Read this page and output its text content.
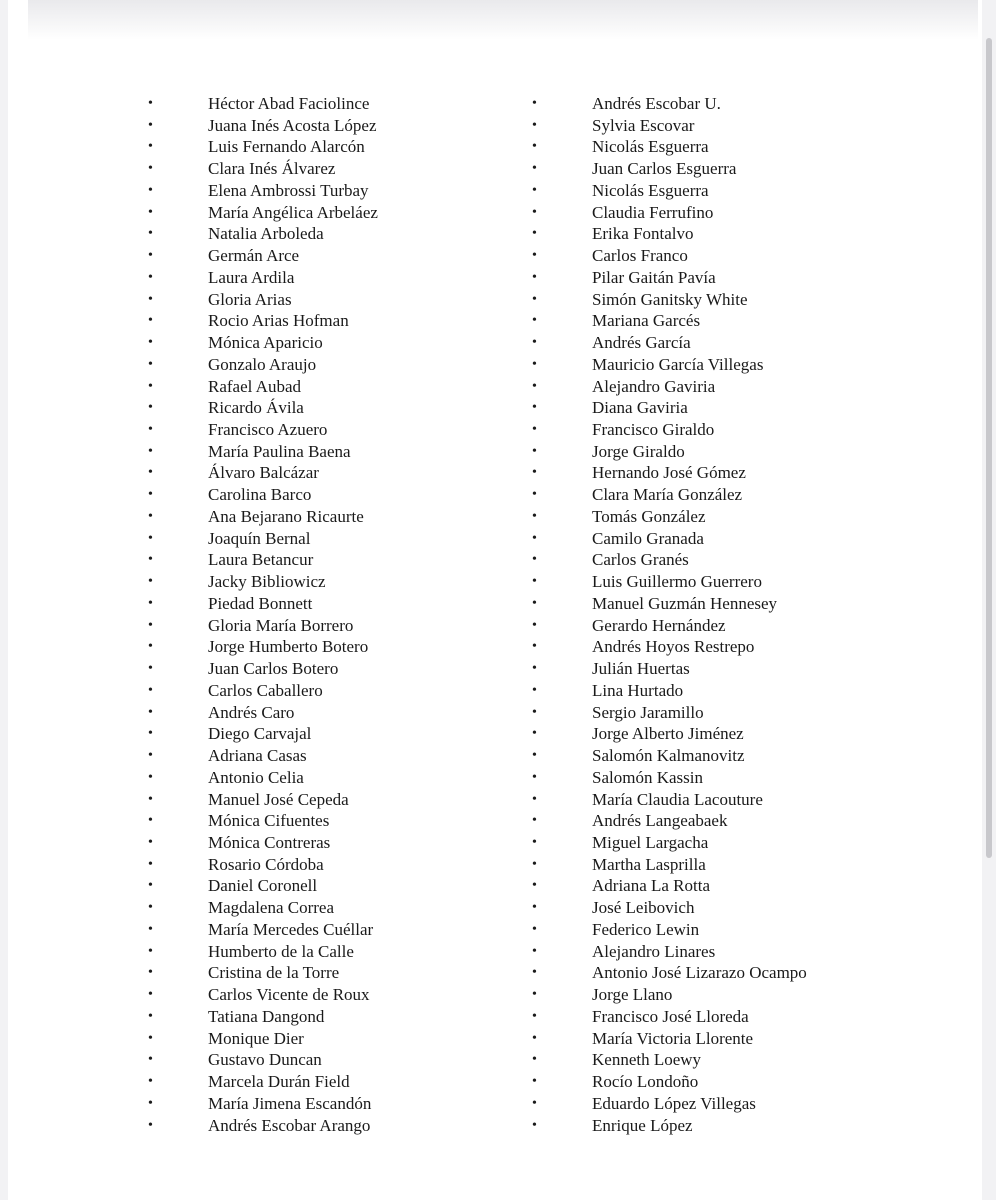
•	Héctor Abad Faciolince
•	Juana Inés Acosta López
•	Luis Fernando Alarcón
•	Clara Inés Álvarez
•	Elena Ambrossi Turbay
•	María Angélica Arbeláez
•	Natalia Arboleda
•	Germán Arce
•	Laura Ardila
•	Gloria Arias
•	Rocio Arias Hofman
•	Mónica Aparicio
•	Gonzalo Araujo
•	Rafael Aubad
•	Ricardo Ávila
•	Francisco Azuero
•	María Paulina Baena
•	Álvaro Balcázar
•	Carolina Barco
•	Ana Bejarano Ricaurte
•	Joaquín Bernal
•	Laura Betancur
•	Jacky Bibliowicz
•	Piedad Bonnett
•	Gloria María Borrero
•	Jorge Humberto Botero
•	Juan Carlos Botero
•	Carlos Caballero
•	Andrés Caro
•	Diego Carvajal
•	Adriana Casas
•	Antonio Celia
•	Manuel José Cepeda
•	Mónica Cifuentes
•	Mónica Contreras
•	Rosario Córdoba
•	Daniel Coronell
•	Magdalena Correa
•	María Mercedes Cuéllar
•	Humberto de la Calle
•	Cristina de la Torre
•	Carlos Vicente de Roux
•	Tatiana Dangond
•	Monique Dier
•	Gustavo Duncan
•	Marcela Durán Field
•	María Jimena Escandón
•	Andrés Escobar Arango
•	Andrés Escobar U.
•	Sylvia Escovar
•	Nicolás Esguerra
•	Juan Carlos Esguerra
•	Nicolás Esguerra
•	Claudia Ferrufino
•	Erika Fontalvo
•	Carlos Franco
•	Pilar Gaitán Pavía
•	Simón Ganitsky White
•	Mariana Garcés
•	Andrés García
•	Mauricio García Villegas
•	Alejandro Gaviria
•	Diana Gaviria
•	Francisco Giraldo
•	Jorge Giraldo
•	Hernando José Gómez
•	Clara María González
•	Tomás González
•	Camilo Granada
•	Carlos Granés
•	Luis Guillermo Guerrero
•	Manuel Guzmán Hennesey
•	Gerardo Hernández
•	Andrés Hoyos Restrepo
•	Julián Huertas
•	Lina Hurtado
•	Sergio Jaramillo
•	Jorge Alberto Jiménez
•	Salomón Kalmanovitz
•	Salomón Kassin
•	María Claudia Lacouture
•	Andrés Langeabaek
•	Miguel Largacha
•	Martha Lasprilla
•	Adriana La Rotta
•	José Leibovich
•	Federico Lewin
•	Alejandro Linares
•	Antonio José Lizarazo Ocampo
•	Jorge Llano
•	Francisco José Lloreda
•	María Victoria Llorente
•	Kenneth Loewy
•	Rocío Londoño
•	Eduardo López Villegas
•	Enrique López
